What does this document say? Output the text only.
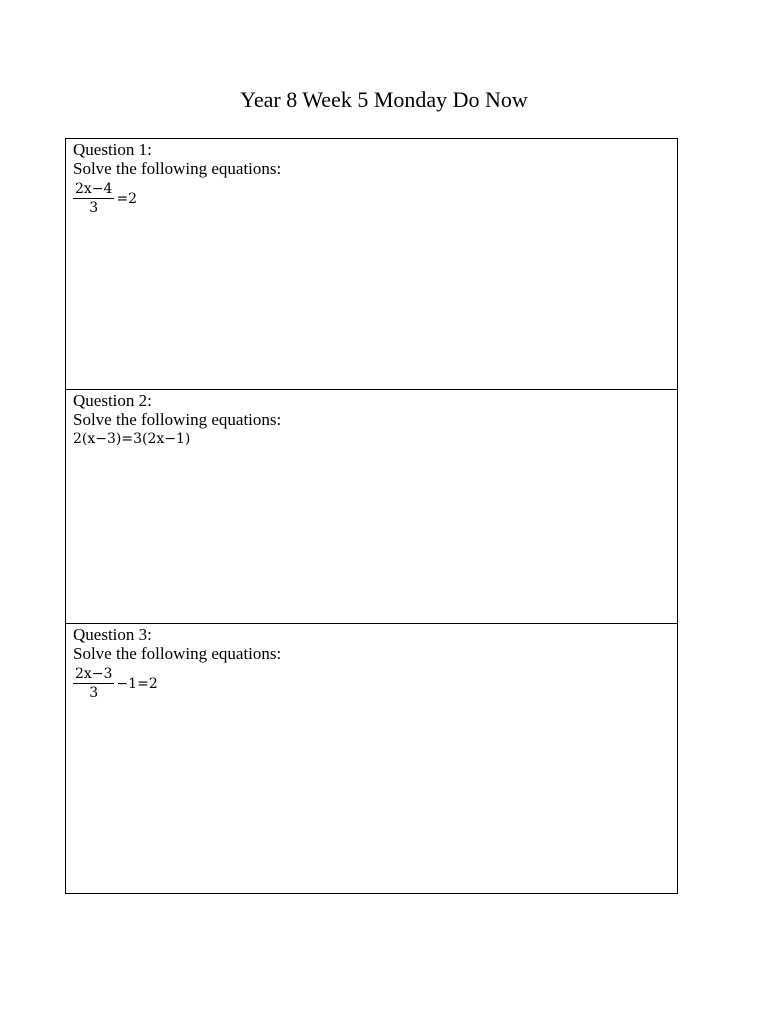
Year 8 Week 5 Monday Do Now
Question 1:
Solve the following equations:
$\frac{2x-4}{3} =2$
Question 2:
Solve the following equations:
2(x−3)=3(2x−1)
Question 3:
Solve the following equations:
$\frac{2x-3}{3} -1=2$
